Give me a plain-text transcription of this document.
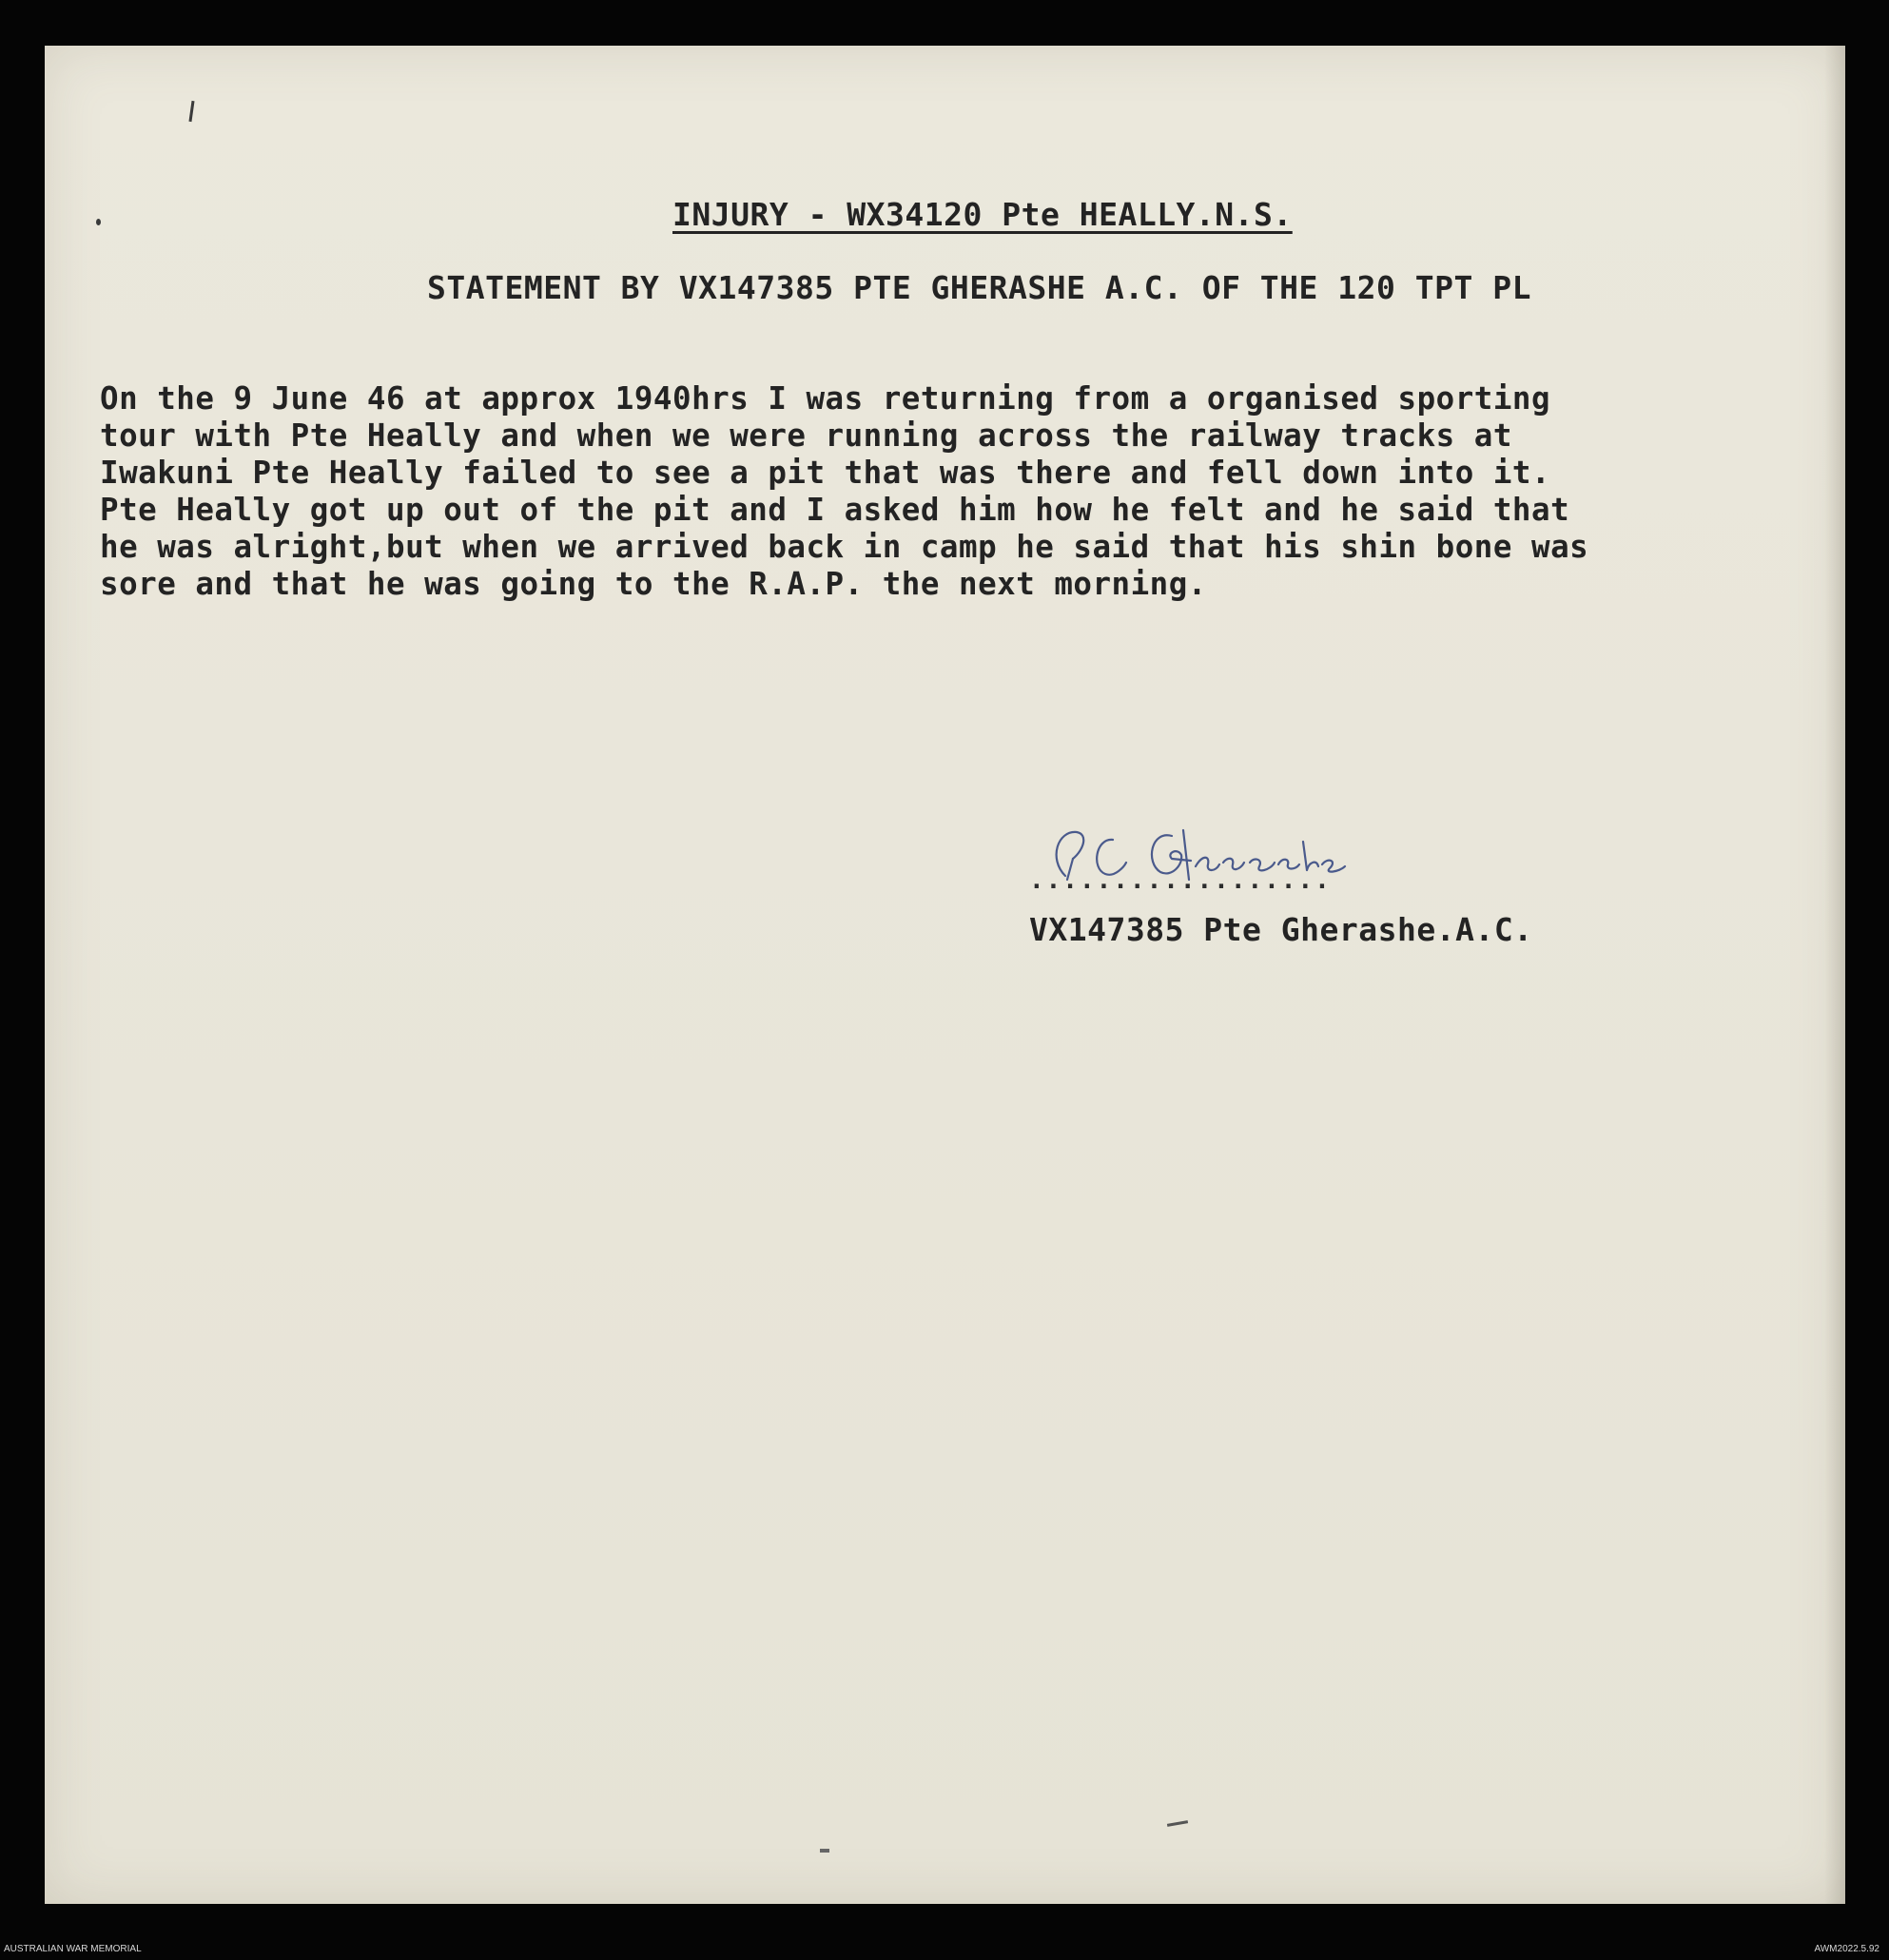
INJURY - WX34120 Pte HEALLY.N.S.
STATEMENT BY VX147385 PTE GHERASHE A.C. OF THE 120 TPT PL
On the 9 June 46 at approx 1940hrs I was returning from a organised sporting
tour with Pte Heally and when we were running across the railway tracks at
Iwakuni Pte Heally failed to see a pit that was there and fell down into it.
Pte Heally got up out of the pit and I asked him how he felt and he said that
he was alright,but when we arrived back in camp he said that his shin bone was
sore and that he was going to the R.A.P. the next morning.
..................
VX147385 Pte Gherashe.A.C.
AUSTRALIAN WAR MEMORIAL	AWM2022.5.92
